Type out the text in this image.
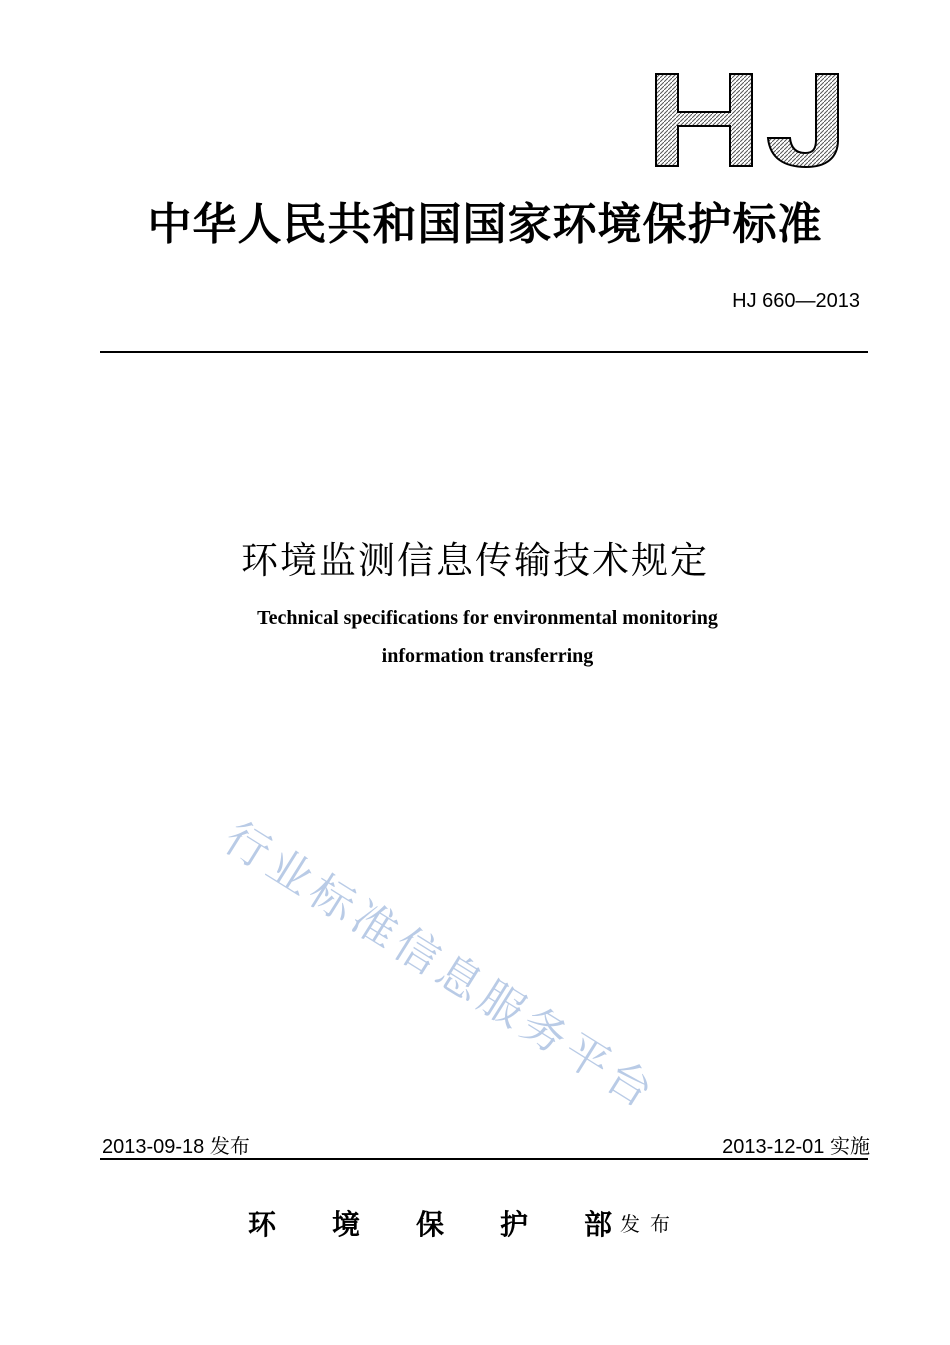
中华人民共和国国家环境保护标准
HJ 660—2013
环境监测信息传输技术规定
Technical specifications for environmental monitoring
information transferring
行业标准信息服务平台
2013-09-18 发布	2013-12-01 实施
环 境 保 护 部 发布
